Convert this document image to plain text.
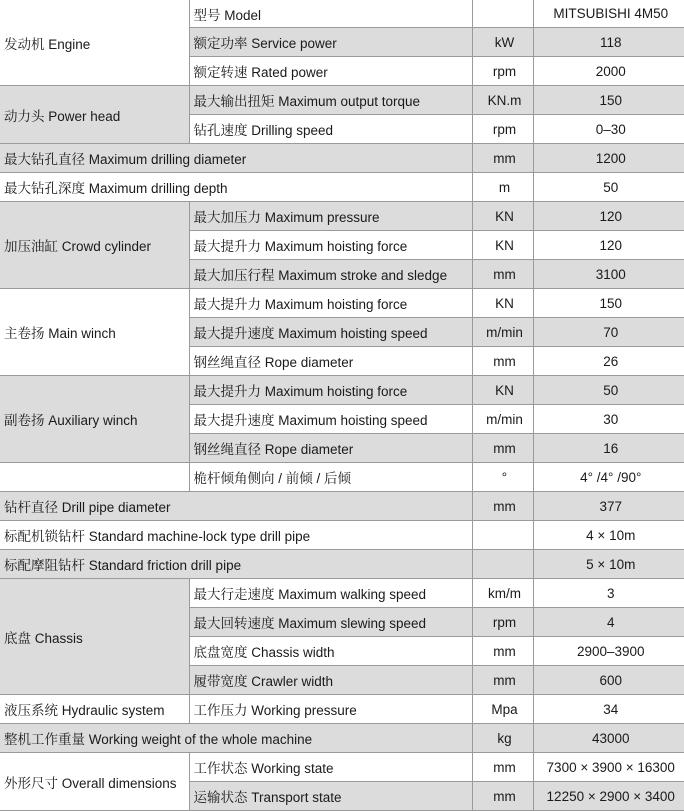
发动机 Engine	型号 Model		MITSUBISHI 4M50
	额定功率 Service power	kW	118
	额定转速 Rated power	rpm	2000
动力头 Power head	最大输出扭矩 Maximum output torque	KN.m	150
	钻孔速度 Drilling speed	rpm	0–30
最大钻孔直径 Maximum drilling diameter		mm	1200
最大钻孔深度 Maximum drilling depth		m	50
加压油缸 Crowd cylinder	最大加压力 Maximum pressure	KN	120
	最大提升力 Maximum hoisting force	KN	120
	最大加压行程 Maximum stroke and sledge	mm	3100
主卷扬 Main winch	最大提升力 Maximum hoisting force	KN	150
	最大提升速度 Maximum hoisting speed	m/min	70
	钢丝绳直径 Rope diameter	mm	26
副卷扬 Auxiliary winch	最大提升力 Maximum hoisting force	KN	50
	最大提升速度 Maximum hoisting speed	m/min	30
	钢丝绳直径 Rope diameter	mm	16
	桅杆倾角侧向 / 前倾 / 后倾	°	4° /4° /90°
钻杆直径 Drill pipe diameter		mm	377
标配机锁钻杆 Standard machine-lock type drill pipe			4 × 10m
标配摩阻钻杆 Standard friction drill pipe			5 × 10m
底盘 Chassis	最大行走速度 Maximum walking speed	km/m	3
	最大回转速度 Maximum slewing speed	rpm	4
	底盘宽度 Chassis width	mm	2900–3900
	履带宽度 Crawler width	mm	600
液压系统 Hydraulic system	工作压力 Working pressure	Mpa	34
整机工作重量 Working weight of the whole machine		kg	43000
外形尺寸 Overall dimensions	工作状态 Working state	mm	7300 × 3900 × 16300
	运输状态 Transport state	mm	12250 × 2900 × 3400
